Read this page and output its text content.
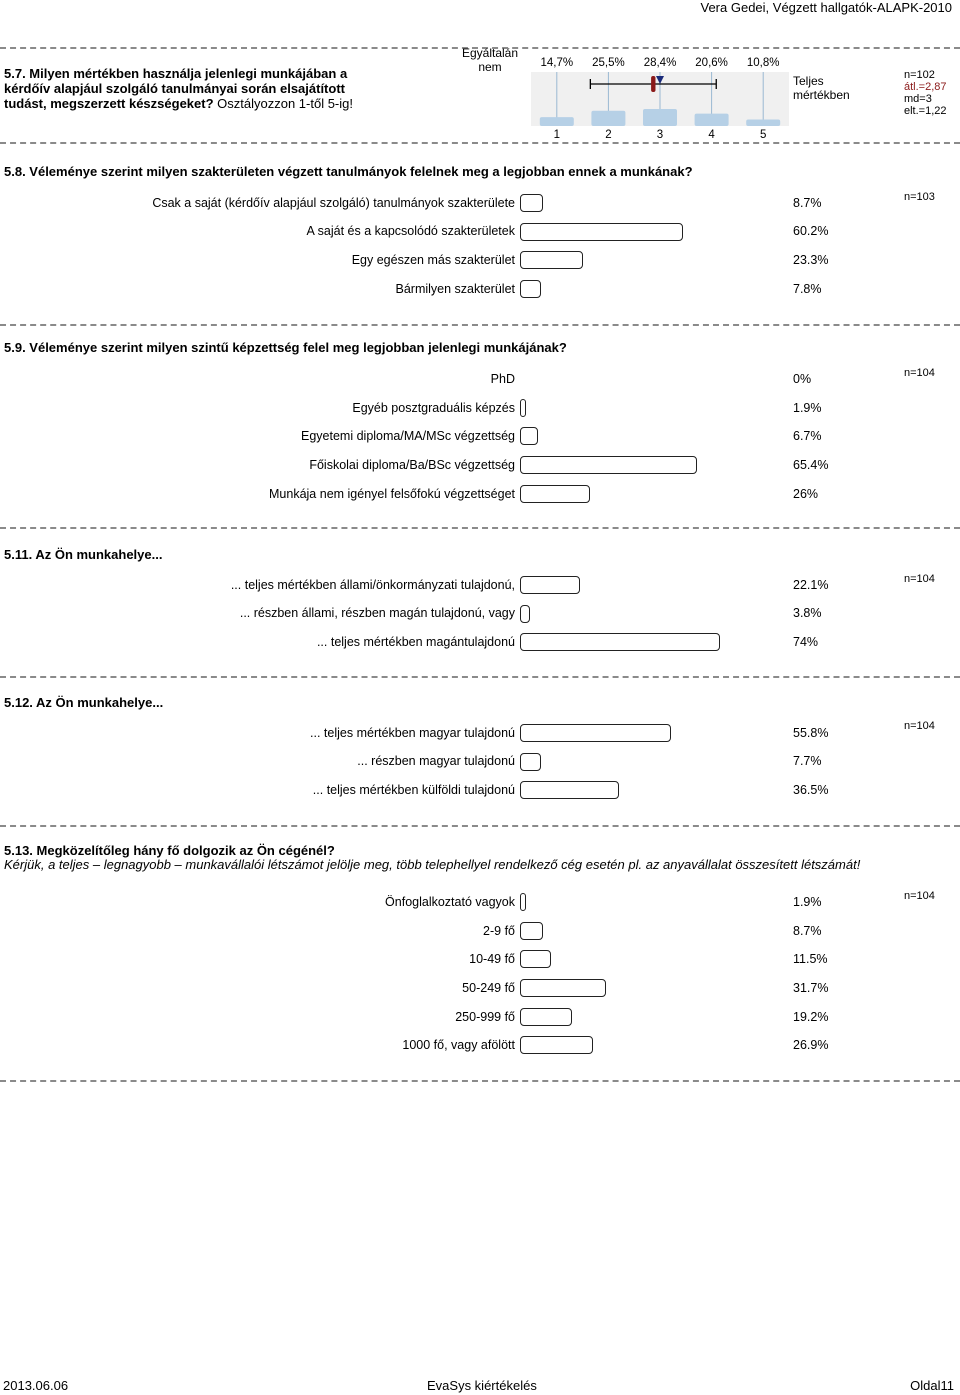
Vera Gedei, Végzett hallgatók-ALAPK-2010
5.7. Milyen mértékben használja jelenlegi munkájában a kérdőív alapjául szolgáló tanulmányai során elsajátított tudást, megszerzett készségeket? Osztályozzon 1-től 5-ig!
Egyáltalán nem	14,7% 25,5% 28,4% 20,6% 10,8%
1	2	3	4	5
Teljes mértékben
n=102
átl.=2,87
md=3
elt.=1,22
5.8. Véleménye szerint milyen szakterületen végzett tanulmányok felelnek meg a legjobban ennek a munkának?
n=103
Csak a saját (kérdőív alapjául szolgáló) tanulmányok szakterülete	8.7%
A saját és a kapcsolódó szakterületek	60.2%
Egy egészen más szakterület	23.3%
Bármilyen szakterület	7.8%
5.9. Véleménye szerint milyen szintű képzettség felel meg legjobban jelenlegi munkájának?
n=104
PhD	0%
Egyéb posztgraduális képzés	1.9%
Egyetemi diploma/MA/MSc végzettség	6.7%
Főiskolai diploma/Ba/BSc végzettség	65.4%
Munkája nem igényel felsőfokú végzettséget	26%
5.11. Az Ön munkahelye...
n=104
... teljes mértékben állami/önkormányzati tulajdonú,	22.1%
... részben állami, részben magán tulajdonú, vagy	3.8%
... teljes mértékben magántulajdonú	74%
5.12. Az Ön munkahelye...
n=104
... teljes mértékben magyar tulajdonú	55.8%
... részben magyar tulajdonú	7.7%
... teljes mértékben külföldi tulajdonú	36.5%
5.13. Megközelítőleg hány fő dolgozik az Ön cégénél?
Kérjük, a teljes – legnagyobb – munkavállalói létszámot jelölje meg, több telephellyel rendelkező cég esetén pl. az anyavállalat összesített létszámát!
n=104
Önfoglalkoztató vagyok	1.9%
2-9 fő	8.7%
10-49 fő	11.5%
50-249 fő	31.7%
250-999 fő	19.2%
1000 fő, vagy afölött	26.9%
2013.06.06	EvaSys kiértékelés	Oldal11
